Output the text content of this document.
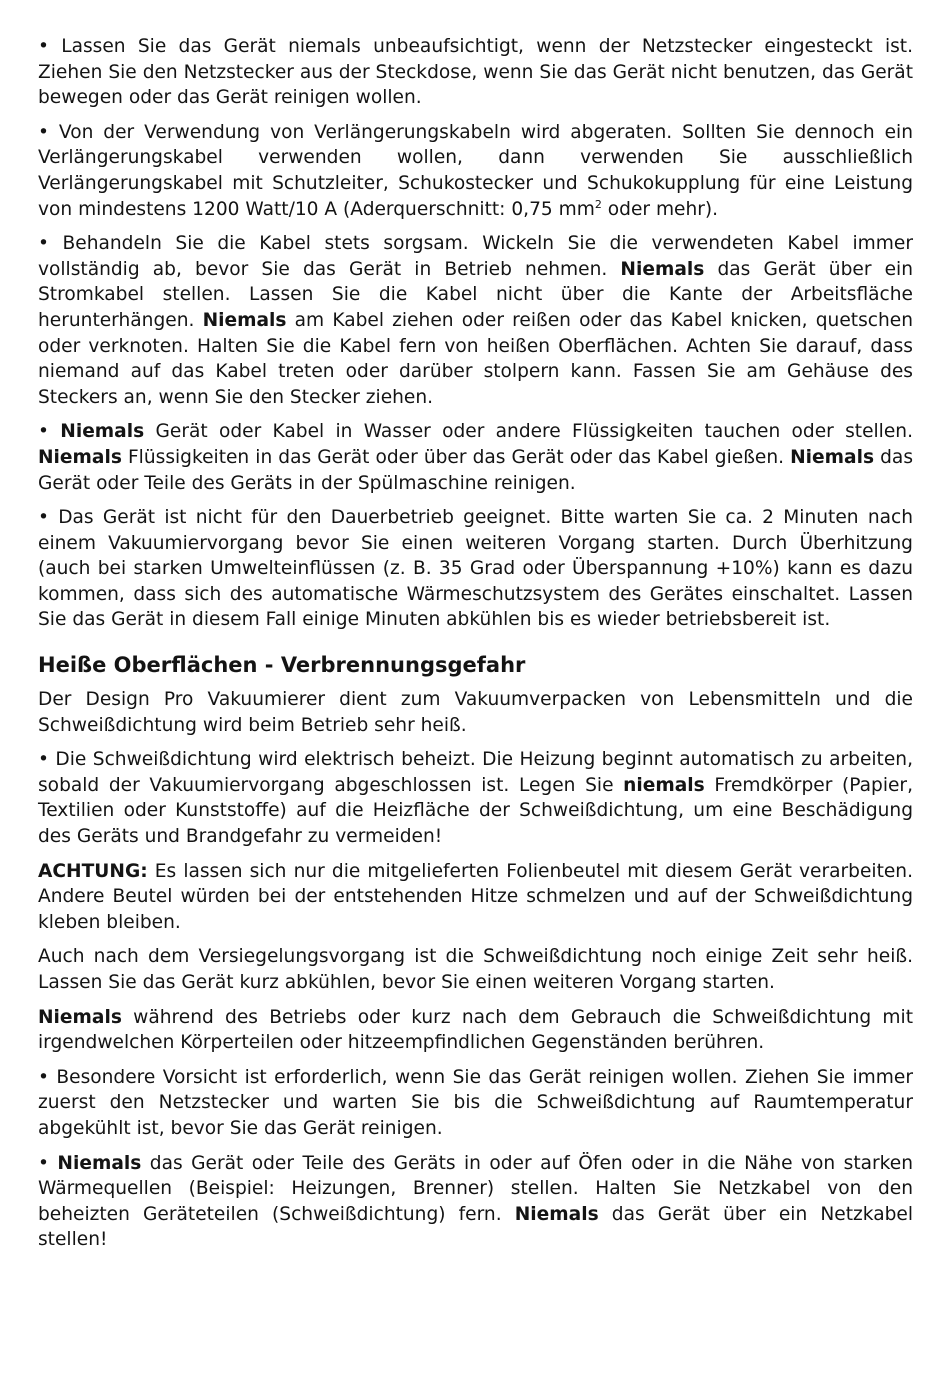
• Lassen Sie das Gerät niemals unbeaufsichtigt, wenn der Netzstecker eingesteckt ist. Ziehen Sie den Netzstecker aus der Steckdose, wenn Sie das Gerät nicht benutzen, das Gerät bewegen oder das Gerät reinigen wollen.

• Von der Verwendung von Verlängerungskabeln wird abgeraten. Sollten Sie dennoch ein Verlängerungskabel verwenden wollen, dann verwenden Sie ausschließlich Verlängerungskabel mit Schutzleiter, Schukostecker und Schukokupplung für eine Leistung von mindestens 1200 Watt/10 A (Aderquerschnitt: 0,75 $mm^2$ oder mehr).

• Behandeln Sie die Kabel stets sorgsam. Wickeln Sie die verwendeten Kabel immer vollständig ab, bevor Sie das Gerät in Betrieb nehmen. Niemals das Gerät über ein Stromkabel stellen. Lassen Sie die Kabel nicht über die Kante der Arbeitsfläche herunterhängen. Niemals am Kabel ziehen oder reißen oder das Kabel knicken, quetschen oder verknoten. Halten Sie die Kabel fern von heißen Oberflächen. Achten Sie darauf, dass niemand auf das Kabel treten oder darüber stolpern kann. Fassen Sie am Gehäuse des Steckers an, wenn Sie den Stecker ziehen.

• Niemals Gerät oder Kabel in Wasser oder andere Flüssigkeiten tauchen oder stellen. Niemals Flüssigkeiten in das Gerät oder über das Gerät oder das Kabel gießen. Niemals das Gerät oder Teile des Geräts in der Spülmaschine reinigen.

• Das Gerät ist nicht für den Dauerbetrieb geeignet. Bitte warten Sie ca. 2 Minuten nach einem Vakuumiervorgang bevor Sie einen weiteren Vorgang starten. Durch Überhitzung (auch bei starken Umwelteinflüssen (z. B. 35 Grad oder Überspannung +10%) kann es dazu kommen, dass sich des automatische Wärmeschutzsystem des Gerätes einschaltet. Lassen Sie das Gerät in diesem Fall einige Minuten abkühlen bis es wieder betriebsbereit ist.

Heiße Oberflächen - Verbrennungsgefahr

Der Design Pro Vakuumierer dient zum Vakuumverpacken von Lebensmitteln und die Schweißdichtung wird beim Betrieb sehr heiß.

• Die Schweißdichtung wird elektrisch beheizt. Die Heizung beginnt automatisch zu arbeiten, sobald der Vakuumiervorgang abgeschlossen ist. Legen Sie niemals Fremdkörper (Papier, Textilien oder Kunststoffe) auf die Heizfläche der Schweißdichtung, um eine Beschädigung des Geräts und Brandgefahr zu vermeiden!

ACHTUNG: Es lassen sich nur die mitgelieferten Folienbeutel mit diesem Gerät verarbeiten. Andere Beutel würden bei der entstehenden Hitze schmelzen und auf der Schweißdichtung kleben bleiben.

Auch nach dem Versiegelungsvorgang ist die Schweißdichtung noch einige Zeit sehr heiß. Lassen Sie das Gerät kurz abkühlen, bevor Sie einen weiteren Vorgang starten.

Niemals während des Betriebs oder kurz nach dem Gebrauch die Schweißdichtung mit irgendwelchen Körperteilen oder hitzeempfindlichen Gegenständen berühren.

• Besondere Vorsicht ist erforderlich, wenn Sie das Gerät reinigen wollen. Ziehen Sie immer zuerst den Netzstecker und warten Sie bis die Schweißdichtung auf Raumtemperatur abgekühlt ist, bevor Sie das Gerät reinigen.

• Niemals das Gerät oder Teile des Geräts in oder auf Öfen oder in die Nähe von starken Wärmequellen (Beispiel: Heizungen, Brenner) stellen. Halten Sie Netzkabel von den beheizten Geräteteilen (Schweißdichtung) fern. Niemals das Gerät über ein Netzkabel stellen!
